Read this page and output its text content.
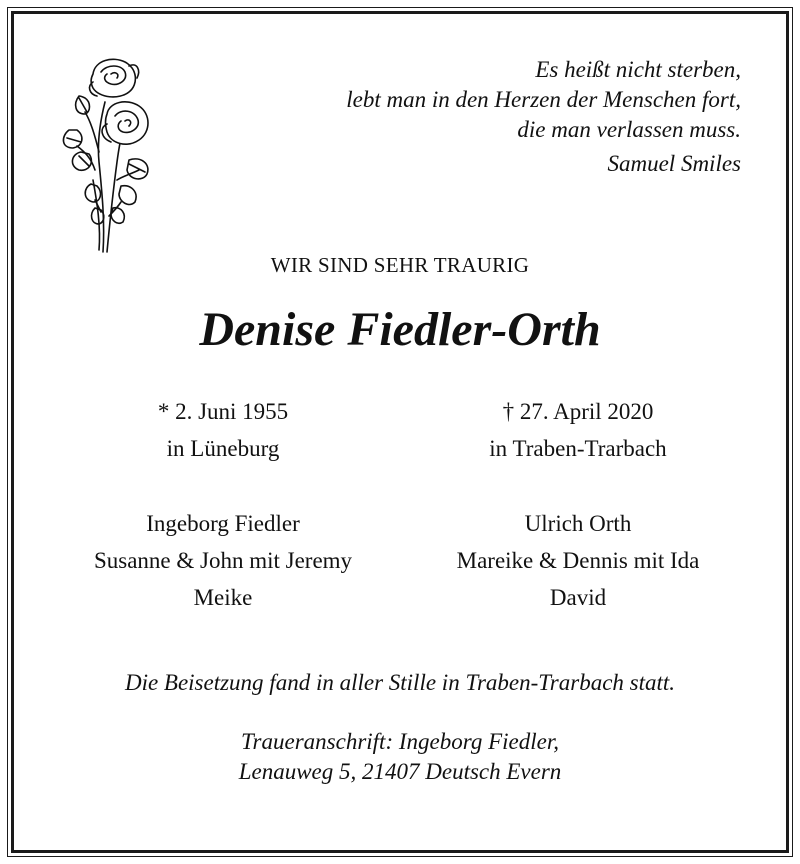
Es heißt nicht sterben,
lebt man in den Herzen der Menschen fort,
die man verlassen muss.
Samuel Smiles
WIR SIND SEHR TRAURIG
Denise Fiedler-Orth
* 2. Juni 1955
in Lüneburg
† 27. April 2020
in Traben-Trarbach
Ingeborg Fiedler
Susanne & John mit Jeremy
Meike
Ulrich Orth
Mareike & Dennis mit Ida
David
Die Beisetzung fand in aller Stille in Traben-Trarbach statt.
Traueranschrift: Ingeborg Fiedler,
Lenauweg 5, 21407 Deutsch Evern
